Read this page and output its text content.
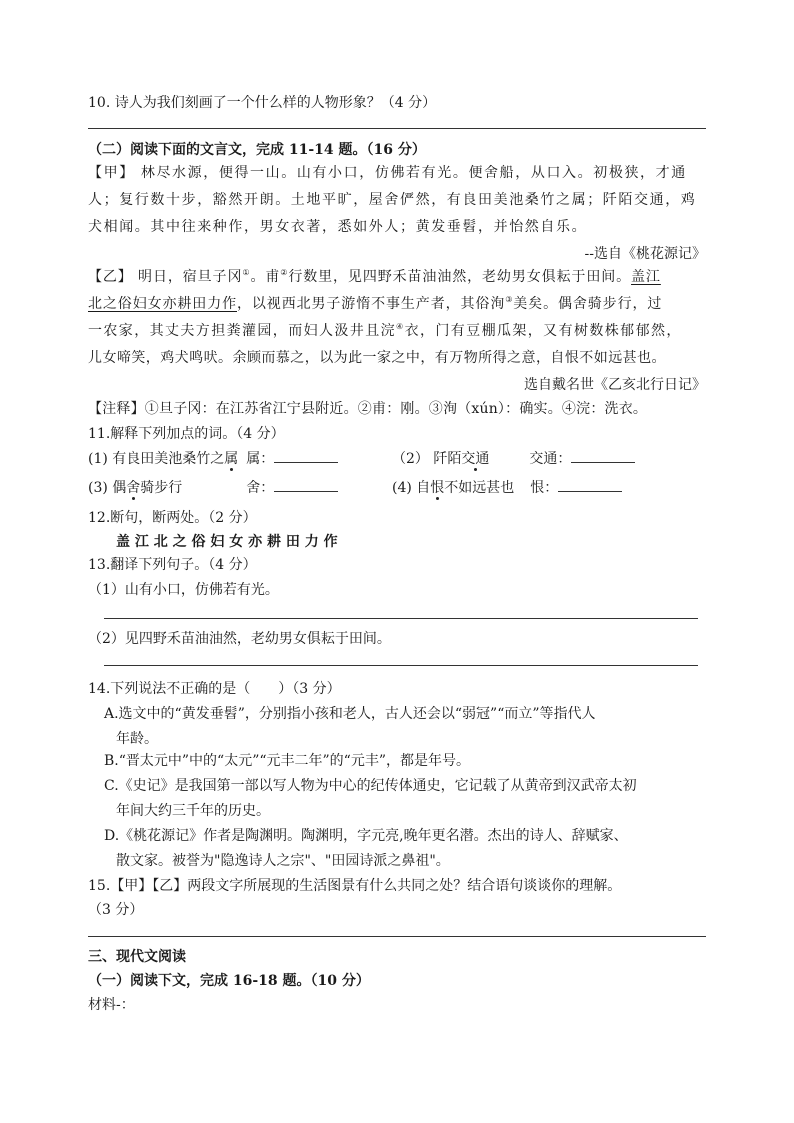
10. 诗人为我们刻画了一个什么样的人物形象？（4 分）
（二）阅读下面的文言文，完成 11-14 题。（16 分）
【甲】 林尽水源，便得一山。山有小口，仿佛若有光。便舍船，从口入。初极狭，才通
人；复行数十步，豁然开朗。土地平旷，屋舍俨然，有良田美池桑竹之属；阡陌交通，鸡
犬相闻。其中往来种作，男女衣著，悉如外人；黄发垂髫，并怡然自乐。
--选自《桃花源记》
【乙】 明日，宿旦子冈①。甫②行数里，见四野禾苗油油然，老幼男女俱耘于田间。盖江
北之俗妇女亦耕田力作，以视西北男子游惰不事生产者，其俗洵③美矣。偶舍骑步行，过
一农家，其丈夫方担粪灌园，而妇人汲井且浣④衣，门有豆棚瓜架，又有树数株郁郁然，
儿女啼笑，鸡犬鸣吠。余顾而慕之，以为此一家之中，有万物所得之意，自恨不如远甚也。
选自戴名世《乙亥北行日记》
【注释】①旦子冈：在江苏省江宁县附近。②甫：刚。③洵（xún）：确实。④浣：洗衣。
11.解释下列加点的词。（4 分）
(1) 有良田美池桑竹之属 属：	（2） 阡陌交通	交通：
(3) 偶舍骑步行	舍：	(4) 自恨不如远甚也 恨：
12.断句，断两处。（2 分）
盖 江 北 之 俗 妇 女 亦 耕 田 力 作
13.翻译下列句子。（4 分）
（1）山有小口，仿佛若有光。
（2）见四野禾苗油油然，老幼男女俱耘于田间。
14.下列说法不正确的是（　　）（3 分）
A.选文中的“黄发垂髫”，分别指小孩和老人，古人还会以“弱冠”“而立”等指代人
年龄。
B.“晋太元中”中的“太元”“元丰二年”的“元丰”，都是年号。
C.《史记》是我国第一部以写人物为中心的纪传体通史，它记载了从黄帝到汉武帝太初
年间大约三千年的历史。
D.《桃花源记》作者是陶渊明。陶渊明，字元亮,晚年更名潜。杰出的诗人、辞赋家、
散文家。被誉为"隐逸诗人之宗"、"田园诗派之鼻祖"。
15.【甲】【乙】两段文字所展现的生活图景有什么共同之处？结合语句谈谈你的理解。
（3 分）
三、现代文阅读
（一）阅读下文，完成 16-18 题。（10 分）
材料-：
